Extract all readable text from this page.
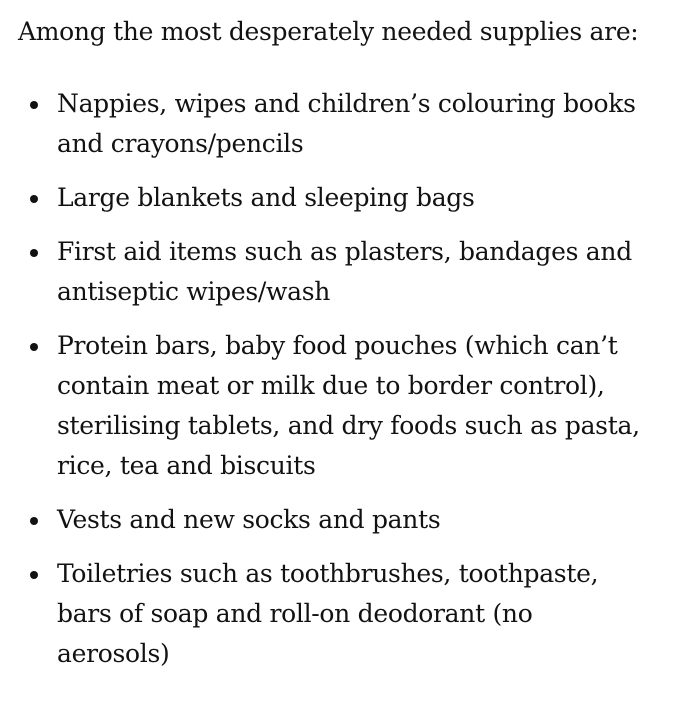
Among the most desperately needed supplies are:

Nappies, wipes and children’s colouring books and crayons/pencils
Large blankets and sleeping bags
First aid items such as plasters, bandages and antiseptic wipes/wash
Protein bars, baby food pouches (which can’t contain meat or milk due to border control), sterilising tablets, and dry foods such as pasta, rice, tea and biscuits
Vests and new socks and pants
Toiletries such as toothbrushes, toothpaste, bars of soap and roll-on deodorant (no aerosols)
